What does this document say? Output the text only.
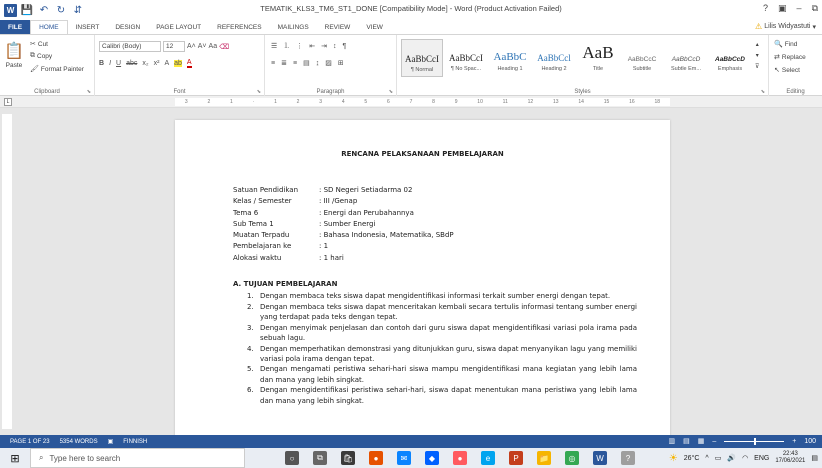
W 💾 ↶ ↻ ⇵	TEMATIK_KLS3_TM6_ST1_DONE [Compatibility Mode] - Word (Product Activation Failed)	? ▣ – ⧉
FILE	HOME	INSERT	DESIGN	PAGE LAYOUT	REFERENCES	MAILINGS	REVIEW	VIEW	⚠ Lilis Widyastuti ▾
📋
Paste
✂ Cut
⧉ Copy
🖌 Format Painter
Clipboard	⬊
Calibri (Body)	12 A˄ A˅ Aa ⌫
B I U abc x₂ x² A ab A
Font	⬊
☰ ⒈ ⋮ ⇤ ⇥ ↕ ¶
≡ ≣ ≡ ▤ ↨ ▨ ⊞
Paragraph	⬊
AaBbCcI
¶ Normal
AaBbCcI
¶ No Spac...
AaBbC
Heading 1
AaBbCcl
Heading 2
AaB
Title
AaBbCcC
Subtitle
AaBbCcD
Subtle Em...
AaBbCcD
Emphasis
▴
▾
⊽
Styles	⬊
🔍 Find
⇄ Replace
↖ Select
Editing
L	3	2	1	·	1	2	3	4	5	6	7	8	9	10	11	12	13	14	15	16	18
RENCANA PELAKSANAAN PEMBELAJARAN
Satuan Pendidikan	: SD Negeri Setiadarma 02
Kelas / Semester	: III /Genap
Tema 6	: Energi dan Perubahannya
Sub Tema 1	: Sumber Energi
Muatan Terpadu	: Bahasa Indonesia, Matematika, SBdP
Pembelajaran ke	: 1
Alokasi waktu	: 1 hari
A. TUJUAN PEMBELAJARAN
1. Dengan membaca teks siswa dapat mengidentifikasi informasi terkait sumber energi dengan tepat.
2. Dengan membaca teks siswa dapat menceritakan kembali secara tertulis informasi tentang sumber energi yang terdapat pada teks dengan tepat.
3. Dengan menyimak penjelasan dan contoh dari guru siswa dapat mengidentifikasi variasi pola irama pada sebuah lagu.
4. Dengan memperhatikan demonstrasi yang ditunjukkan guru, siswa dapat menyanyikan lagu yang memiliki variasi pola irama dengan tepat.
5. Dengan mengamati peristiwa sehari-hari siswa mampu mengidentifikasi mana kegiatan yang lebih lama dan mana yang lebih singkat.
6. Dengan mengidentifikasi peristiwa sehari-hari, siswa dapat menentukan mana peristiwa yang lebih lama dan mana yang lebih singkat.
PAGE 1 OF 23 5354 WORDS ▣ FINNISH	▥ ▤ ▦ –	+ 100
⊞	⌕ Type here to search	○	⧉	🛍	●	✉	◆	●	e	P	📁	◎	W	?	☀ 26°C ^ ▭ 🔊 ◠ ENG
22:43
17/06/2021 ▤
